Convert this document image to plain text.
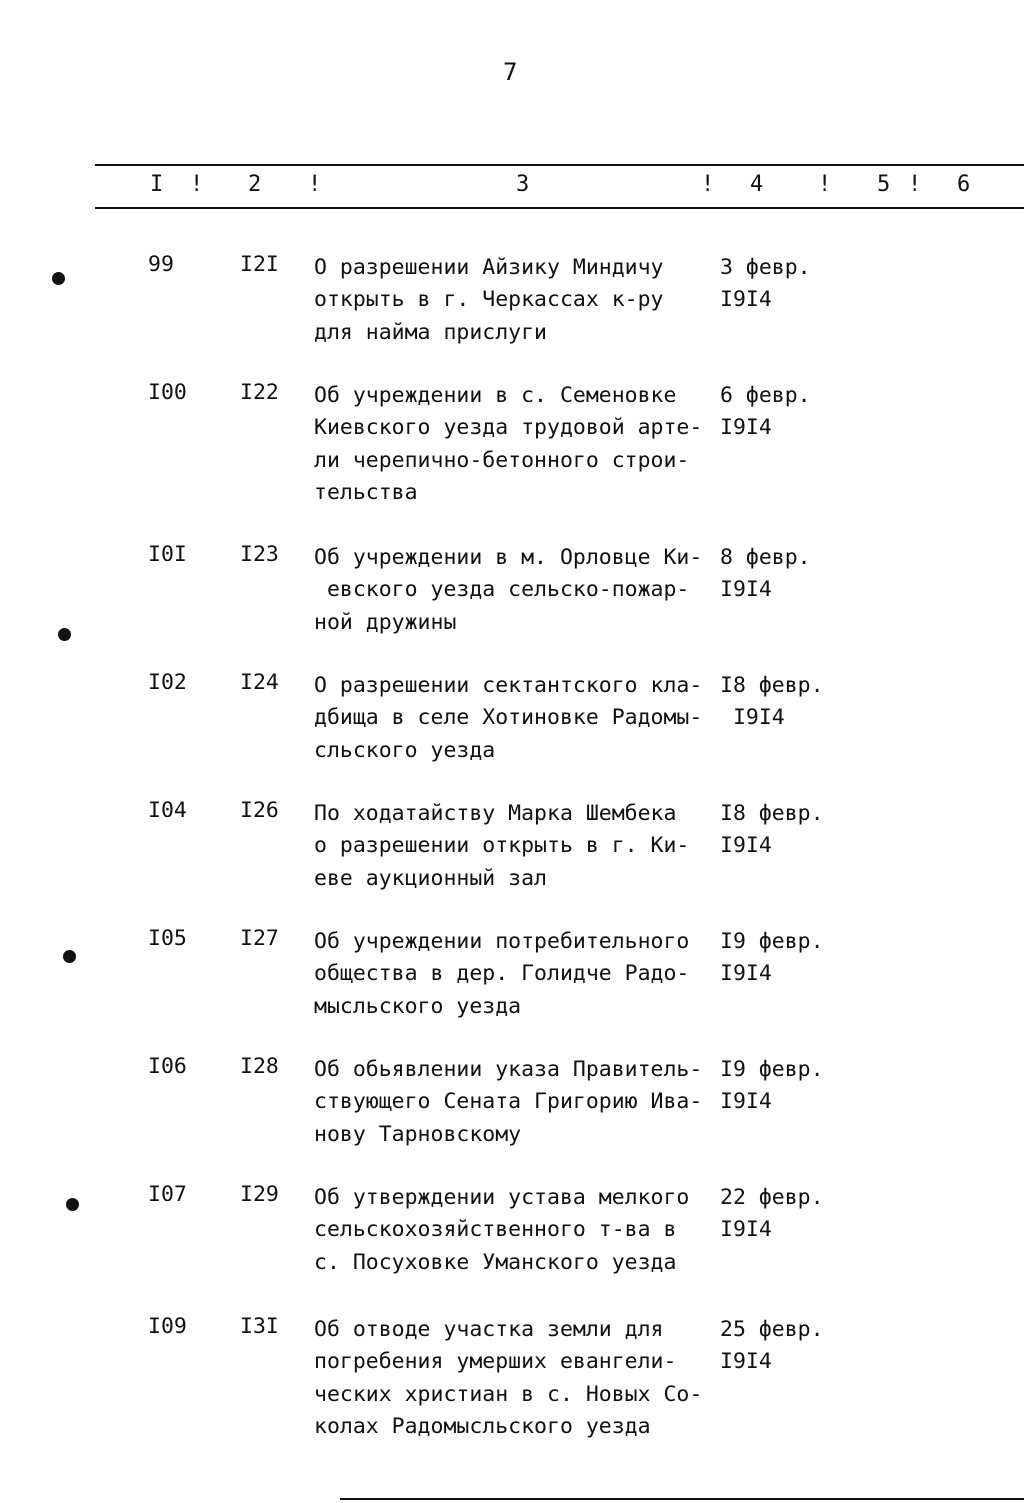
7
I ! 2 !	3	! 4 ! 5 ! 6
99	I2I О разрешении Айзику Миндичу
открыть в г. Черкассах к-ру
для найма прислуги
3 февр.
I9I4
I00 I22 Об учреждении в с. Семеновке
Киевского уезда трудовой арте-
ли черепично-бетонного строи-
тельства
6 февр.
I9I4
I0I I23 Об учреждении в м. Орловце Ки-
евского уезда сельско-пожар-
ной дружины
8 февр.
I9I4
I02 I24 О разрешении сектантского кла-
дбища в селе Хотиновке Радомы-
сльского уезда
I8 февр.
I9I4
I04 I26 По ходатайству Марка Шембека
о разрешении открыть в г. Ки-
еве аукционный зал
I8 февр.
I9I4
I05 I27 Об учреждении потребительного
общества в дер. Голидче Радо-
мысльского уезда
I9 февр.
I9I4
I06 I28 Об обьявлении указа Правитель-
ствующего Сената Григорию Ива-
нову Тарновскому
I9 февр.
I9I4
I07 I29 Об утверждении устава мелкого
сельскохозяйственного т-ва в
с. Посуховке Уманского уезда
22 февр.
I9I4
I09 I3I Об отводе участка земли для
погребения умерших евангели-
ческих христиан в с. Новых Со-
колах Радомысльского уезда
25 февр.
I9I4
